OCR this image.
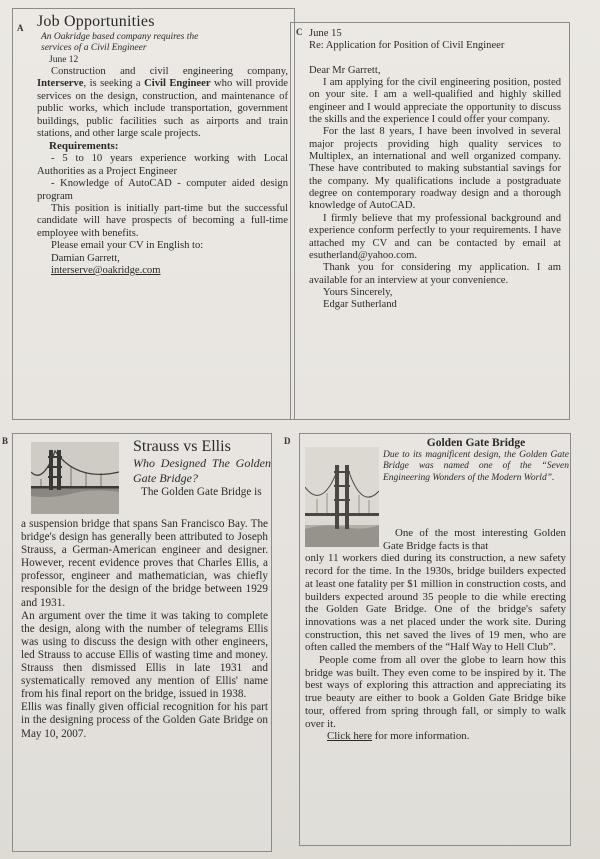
A Job Opportunities
An Oakridge based company requires the
services of a Civil Engineer
June 12

Construction and civil engineering company, Interserve, is seeking a Civil Engineer who will provide services on the design, construction, and maintenance of public works, which include transportation, government buildings, public facilities such as airports and train stations, and other large scale projects.

Requirements:

- 5 to 10 years experience working with Local Authorities as a Project Engineer

- Knowledge of AutoCAD - computer aided design program

This position is initially part-time but the successful candidate will have prospects of becoming a full-time employee with benefits.

Please email your CV in English to:

Damian Garrett,

interserve@oakridge.com

C June 15

Re: Application for Position of Civil Engineer

Dear Mr Garrett,

I am applying for the civil engineering position, posted on your site. I am a well-qualified and highly skilled engineer and I would appreciate the opportunity to discuss the skills and the experience I could offer your company.

For the last 8 years, I have been involved in several major projects providing high quality services to Multiplex, an international and well organized company. These have contributed to making substantial savings for the company. My qualifications include a postgraduate degree on contemporary roadway design and a thorough knowledge of AutoCAD.

I firmly believe that my professional background and experience conform perfectly to your requirements. I have attached my CV and can be contacted by email at esutherland@yahoo.com.

Thank you for considering my application. I am available for an interview at your convenience.

Yours Sincerely,

Edgar Sutherland

B	Strauss vs Ellis
Who Designed The Golden Gate Bridge?
The Golden Gate Bridge is

a suspension bridge that spans San Francisco Bay. The bridge's design has generally been attributed to Joseph Strauss, a German-American engineer and designer. However, recent evidence proves that Charles Ellis, a professor, engineer and mathematician, was chiefly responsible for the design of the bridge between 1929 and 1931.

An argument over the time it was taking to complete the design, along with the number of telegrams Ellis was using to discuss the design with other engineers, led Strauss to accuse Ellis of wasting time and money. Strauss then dismissed Ellis in late 1931 and systematically removed any mention of Ellis' name from his final report on the bridge, issued in 1938.

Ellis was finally given official recognition for his part in the designing process of the Golden Gate Bridge on May 10, 2007.

D	Golden Gate Bridge
Due to its magnificent design, the Golden Gate Bridge was named one of the “Seven Engineering Wonders of the Modern World”.

One of the most interesting Golden Gate Bridge facts is that

only 11 workers died during its construction, a new safety record for the time. In the 1930s, bridge builders expected at least one fatality per $1 million in construction costs, and builders expected around 35 people to die while erecting the Golden Gate Bridge. One of the bridge's safety innovations was a net placed under the work site. During construction, this net saved the lives of 19 men, who are often called the members of the “Half Way to Hell Club”.

People come from all over the globe to learn how this bridge was built. They even come to be inspired by it. The best ways of exploring this attraction and appreciating its true beauty are either to book a Golden Gate Bridge bike tour, offered from spring through fall, or simply to walk over it.

Click here for more information.
